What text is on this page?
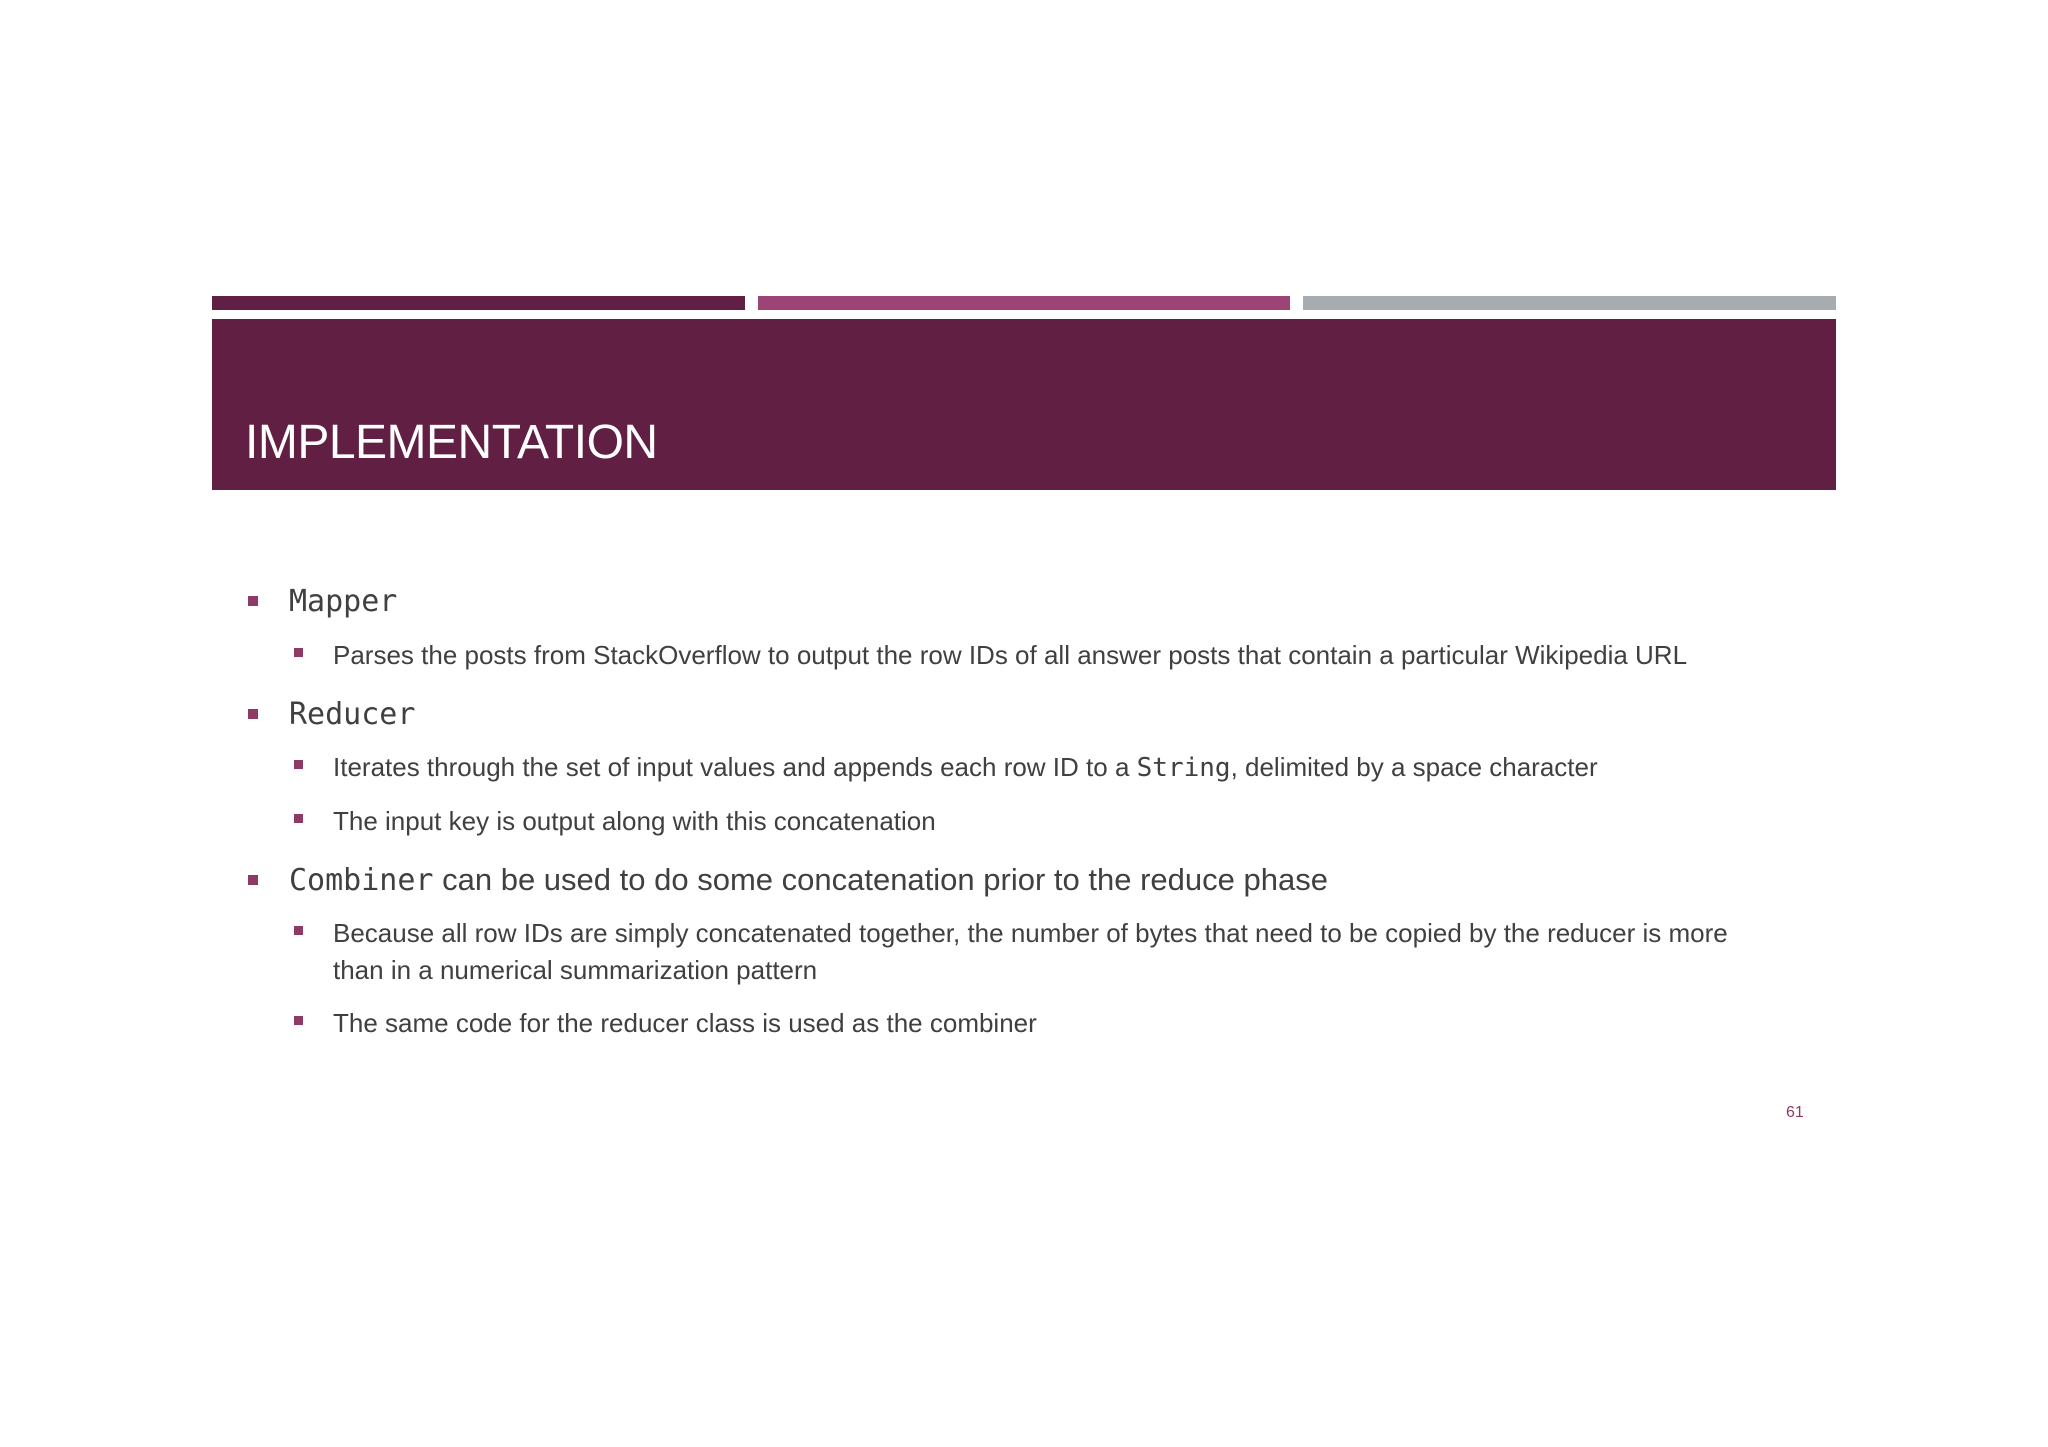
IMPLEMENTATION
Mapper
Parses the posts from StackOverflow to output the row IDs of all answer posts that contain a particular Wikipedia URL
Reducer
Iterates through the set of input values and appends each row ID to a String, delimited by a space character
The input key is output along with this concatenation
Combiner can be used to do some concatenation prior to the reduce phase
Because all row IDs are simply concatenated together, the number of bytes that need to be copied by the reducer is more
than in a numerical summarization pattern
The same code for the reducer class is used as the combiner
61
